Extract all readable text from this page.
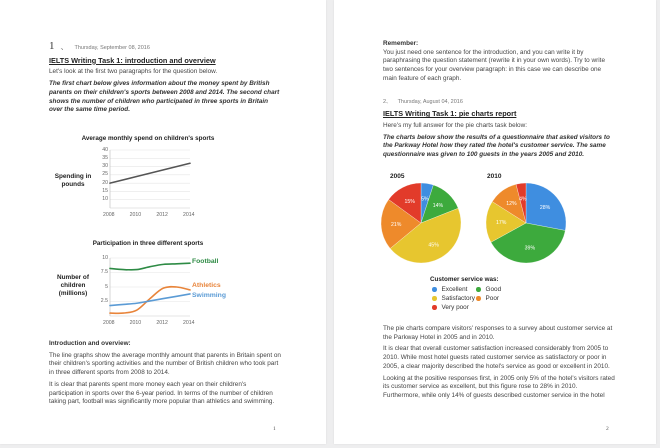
1 、 Thursday, September 08, 2016
IELTS Writing Task 1: introduction and overview
Let's look at the first two paragraphs for the question below.
The first chart below gives information about the money spent by British parents on their children's sports between 2008 and 2014. The second chart shows the number of children who participated in three sports in Britain over the same time period.
Average monthly spend on children's sports
Spending in pounds
Participation in three different sports
Number of children (millions)
Football
Athletics
Swimming
Introduction and overview:
The line graphs show the average monthly amount that parents in Britain spent on their children's sporting activities and the number of British children who took part in three different sports from 2008 to 2014.
It is clear that parents spent more money each year on their children's participation in sports over the 6-year period. In terms of the number of children taking part, football was significantly more popular than athletics and swimming.
1
10
15
20
25
30
35
40
2008	2010	2012	2014
2.5
5
7.5
10
2008	2010	2012	2014
Remember:
You just need one sentence for the introduction, and you can write it by paraphrasing the question statement (rewrite it in your own words). Try to write two sentences for your overview paragraph: in this case we can describe one main feature of each graph.
2、 Thursday, August 04, 2016
IELTS Writing Task 1: pie charts report
Here's my full answer for the pie charts task below:
The charts below show the results of a questionnaire that asked visitors to the Parkway Hotel how they rated the hotel's customer service. The same questionnaire was given to 100 guests in the years 2005 and 2010.
2005
5%
14%
45%
21%
15%
2010
28%
39%
17%
12%
4%
Customer service was:
Excellent	Good
Satisfactory Poor
Very poor
The pie charts compare visitors' responses to a survey about customer service at the Parkway Hotel in 2005 and in 2010.
It is clear that overall customer satisfaction increased considerably from 2005 to 2010. While most hotel guests rated customer service as satisfactory or poor in 2005, a clear majority described the hotel's service as good or excellent in 2010.
Looking at the positive responses first, in 2005 only 5% of the hotel's visitors rated its customer service as excellent, but this figure rose to 28% in 2010. Furthermore, while only 14% of guests described customer service in the hotel
2
